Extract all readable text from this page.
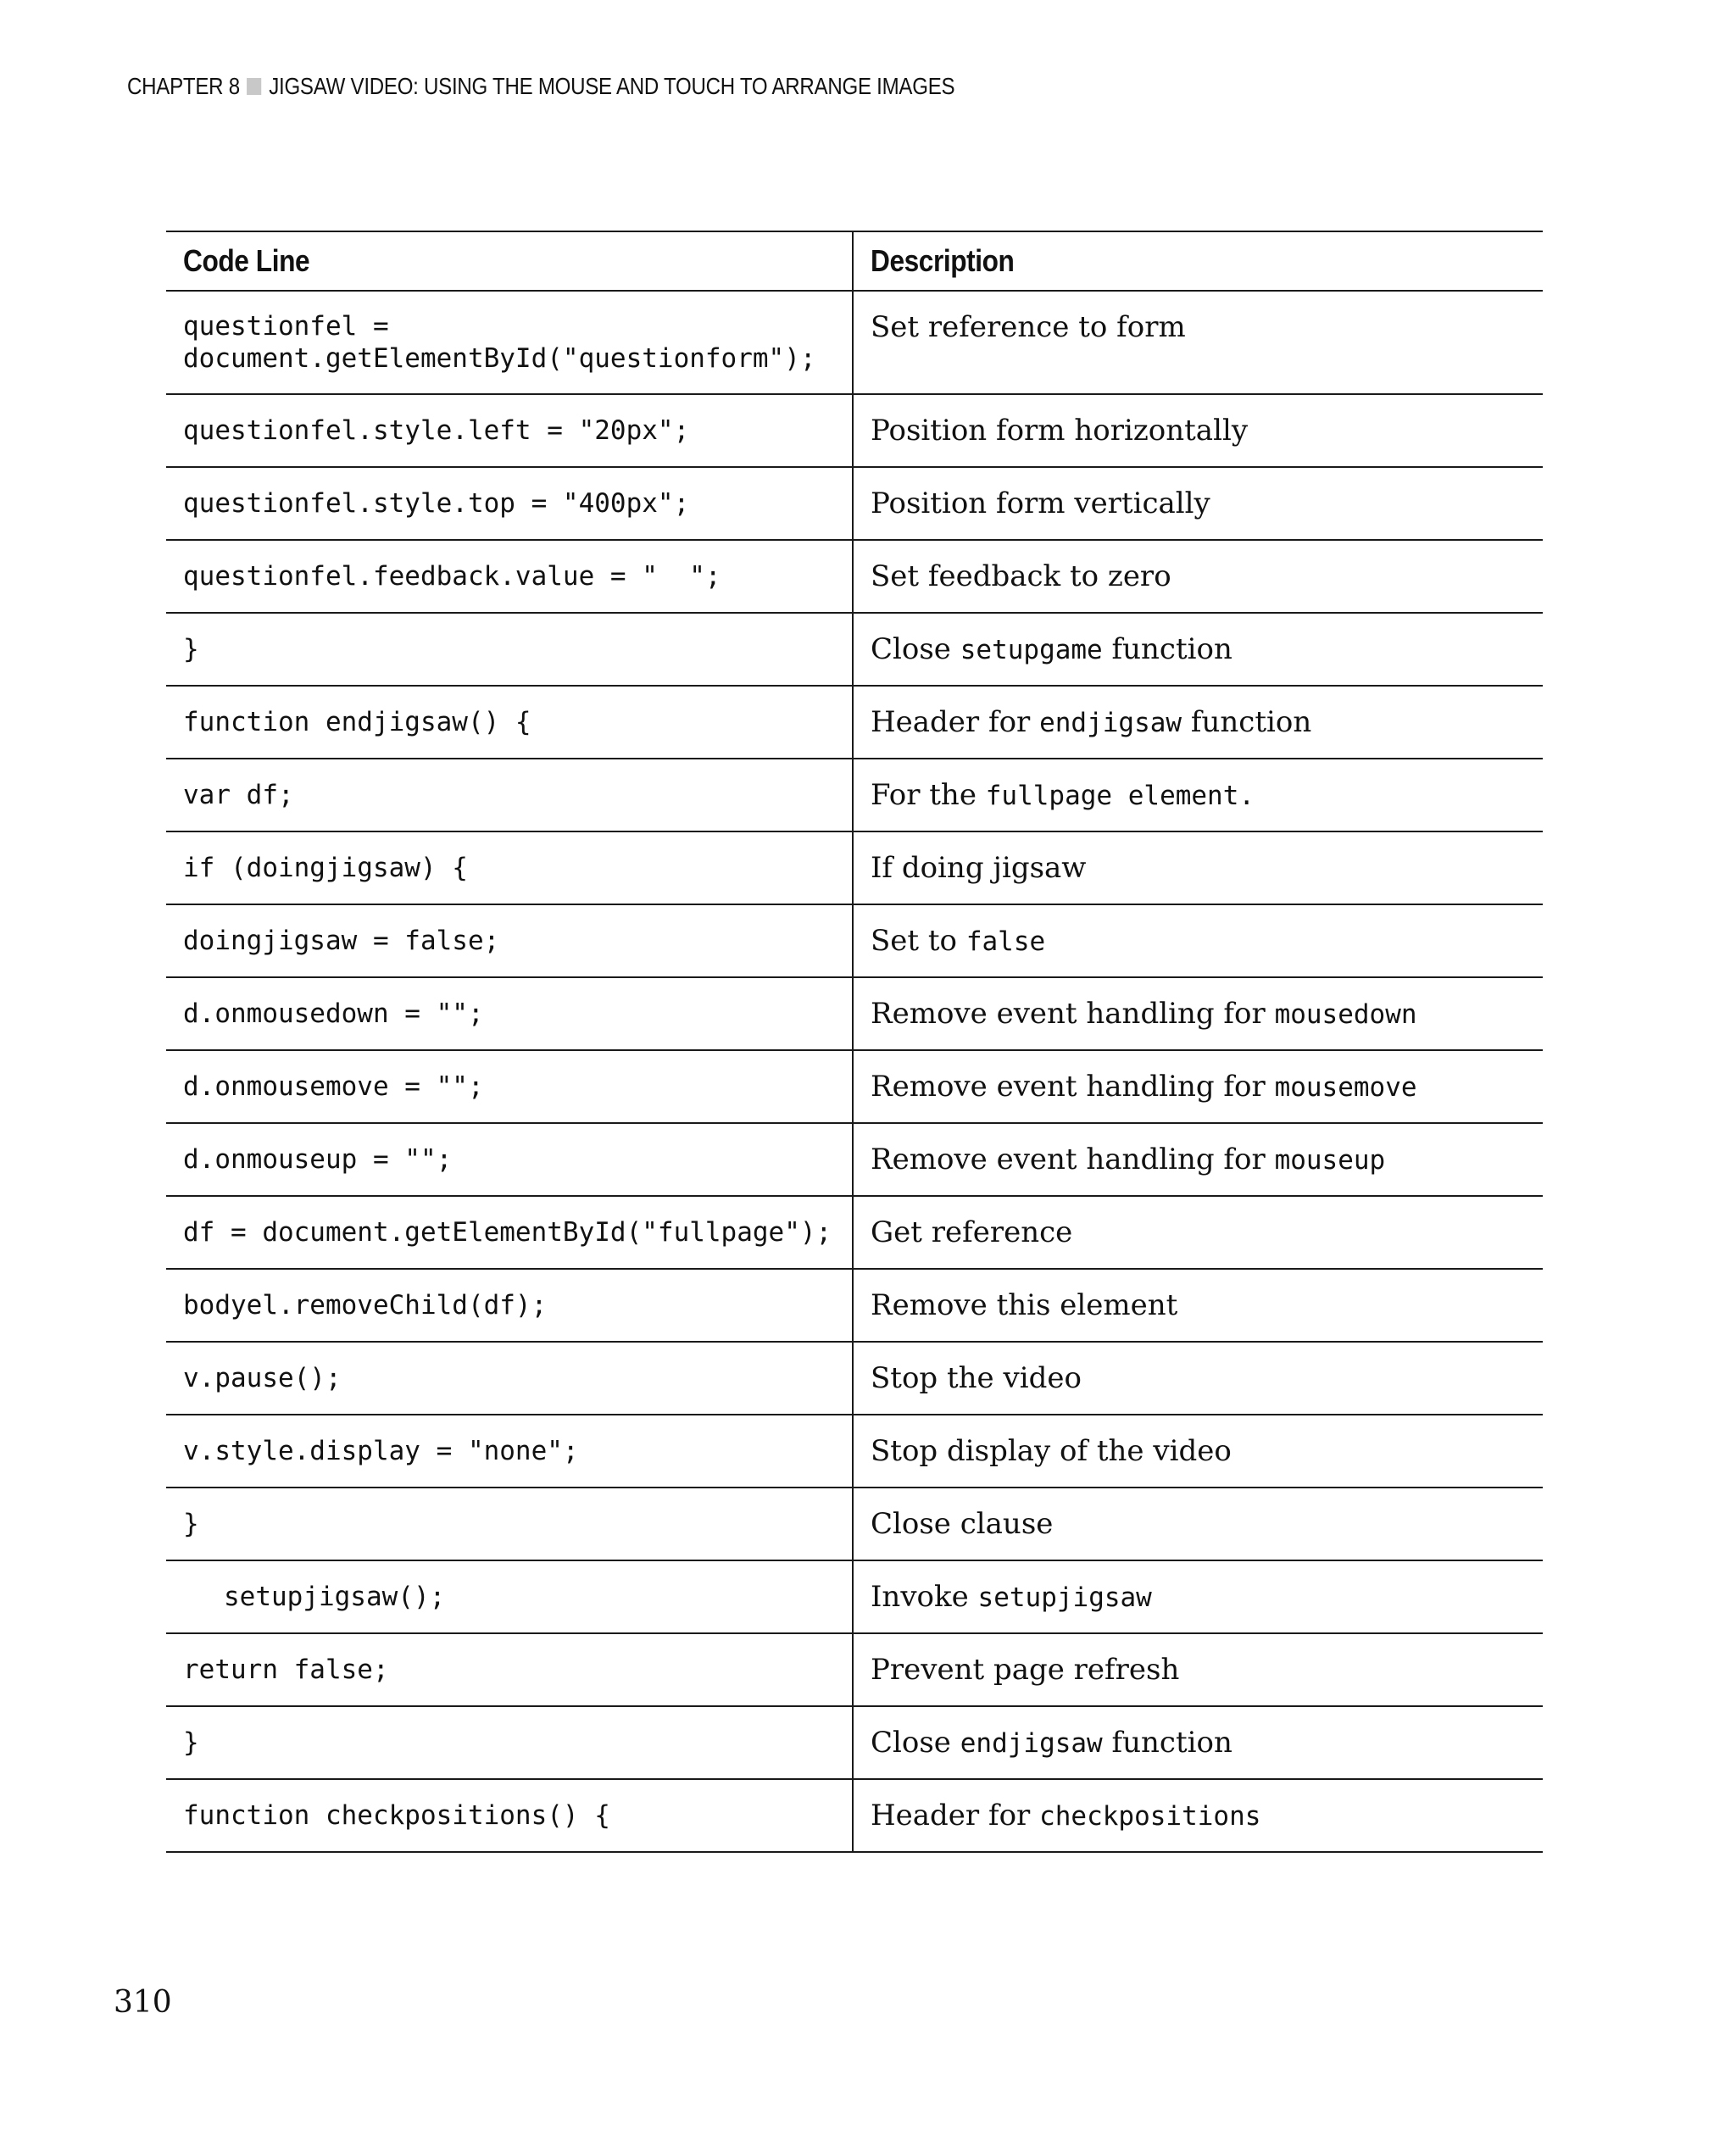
CHAPTER 8 JIGSAW VIDEO: USING THE MOUSE AND TOUCH TO ARRANGE IMAGES
Code Line	Description
questionfel =
document.getElementById("questionform");	Set reference to form
questionfel.style.left = "20px";	Position form horizontally
questionfel.style.top = "400px";	Position form vertically
questionfel.feedback.value = "  ";	Set feedback to zero
}	Close setupgame function
function endjigsaw() {	Header for endjigsaw function
var df;	For the fullpage element.
if (doingjigsaw) {	If doing jigsaw
doingjigsaw = false;	Set to false
d.onmousedown = "";	Remove event handling for mousedown
d.onmousemove = "";	Remove event handling for mousemove
d.onmouseup = "";	Remove event handling for mouseup
df = document.getElementById("fullpage");	Get reference
bodyel.removeChild(df);	Remove this element
v.pause();	Stop the video
v.style.display = "none";	Stop display of the video
}	Close clause
setupjigsaw();	Invoke setupjigsaw
return false;	Prevent page refresh
}	Close endjigsaw function
function checkpositions() {	Header for checkpositions
310
